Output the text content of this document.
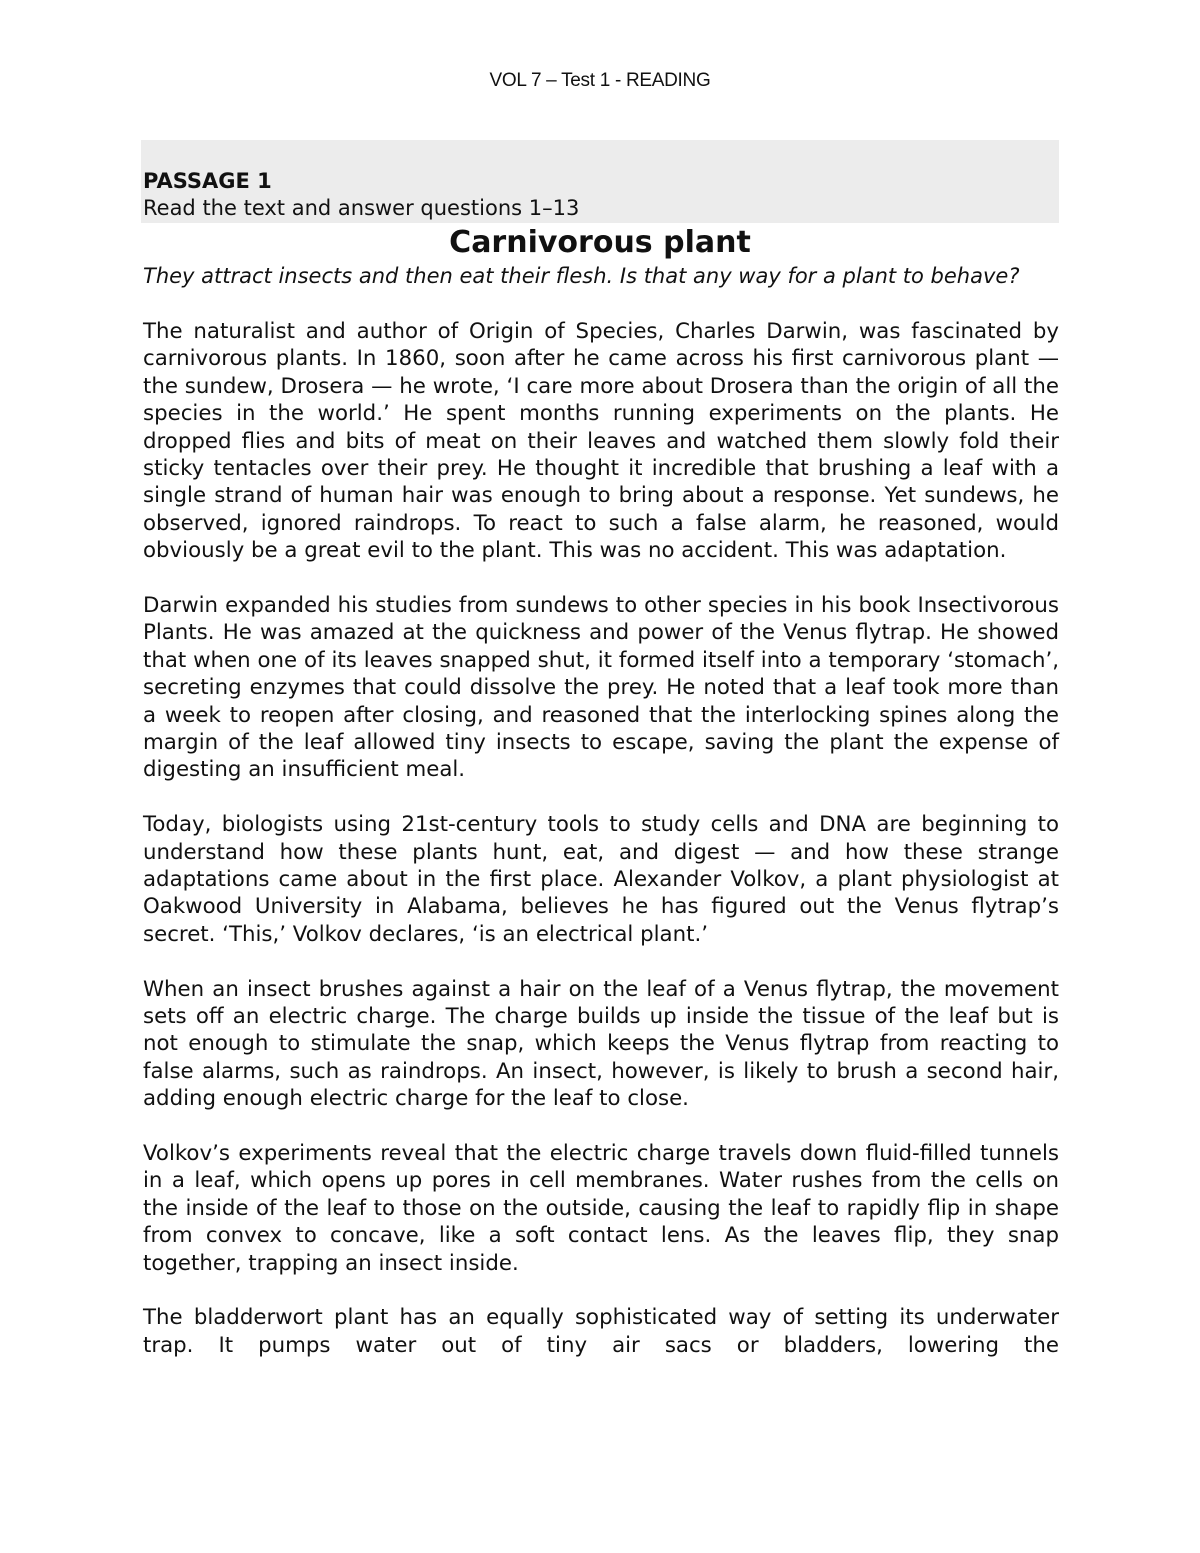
VOL 7 – Test 1 - READING
PASSAGE 1
Read the text and answer questions 1–13
Carnivorous plant
They attract insects and then eat their flesh. Is that any way for a plant to behave?

The naturalist and author of Origin of Species, Charles Darwin, was fascinated by carnivorous plants. In 1860, soon after he came across his first carnivorous plant — the sundew, Drosera — he wrote, ‘I care more about Drosera than the origin of all the species in the world.’ He spent months running experiments on the plants. He dropped flies and bits of meat on their leaves and watched them slowly fold their sticky tentacles over their prey. He thought it incredible that brushing a leaf with a single strand of human hair was enough to bring about a response. Yet sundews, he observed, ignored raindrops. To react to such a false alarm, he reasoned, would obviously be a great evil to the plant. This was no accident. This was adaptation.

Darwin expanded his studies from sundews to other species in his book Insectivorous Plants. He was amazed at the quickness and power of the Venus flytrap. He showed that when one of its leaves snapped shut, it formed itself into a temporary ‘stomach’, secreting enzymes that could dissolve the prey. He noted that a leaf took more than a week to reopen after closing, and reasoned that the interlocking spines along the margin of the leaf allowed tiny insects to escape, saving the plant the expense of digesting an insufficient meal.

Today, biologists using 21st-century tools to study cells and DNA are beginning to understand how these plants hunt, eat, and digest — and how these strange adaptations came about in the first place. Alexander Volkov, a plant physiologist at Oakwood University in Alabama, believes he has figured out the Venus flytrap’s secret. ‘This,’ Volkov declares, ‘is an electrical plant.’

When an insect brushes against a hair on the leaf of a Venus flytrap, the movement sets off an electric charge. The charge builds up inside the tissue of the leaf but is not enough to stimulate the snap, which keeps the Venus flytrap from reacting to false alarms, such as raindrops. An insect, however, is likely to brush a second hair, adding enough electric charge for the leaf to close.

Volkov’s experiments reveal that the electric charge travels down fluid-filled tunnels in a leaf, which opens up pores in cell membranes. Water rushes from the cells on the inside of the leaf to those on the outside, causing the leaf to rapidly flip in shape from convex to concave, like a soft contact lens. As the leaves flip, they snap together, trapping an insect inside.

The bladderwort plant has an equally sophisticated way of setting its underwater trap. It pumps water out of tiny air sacs or bladders, lowering the
